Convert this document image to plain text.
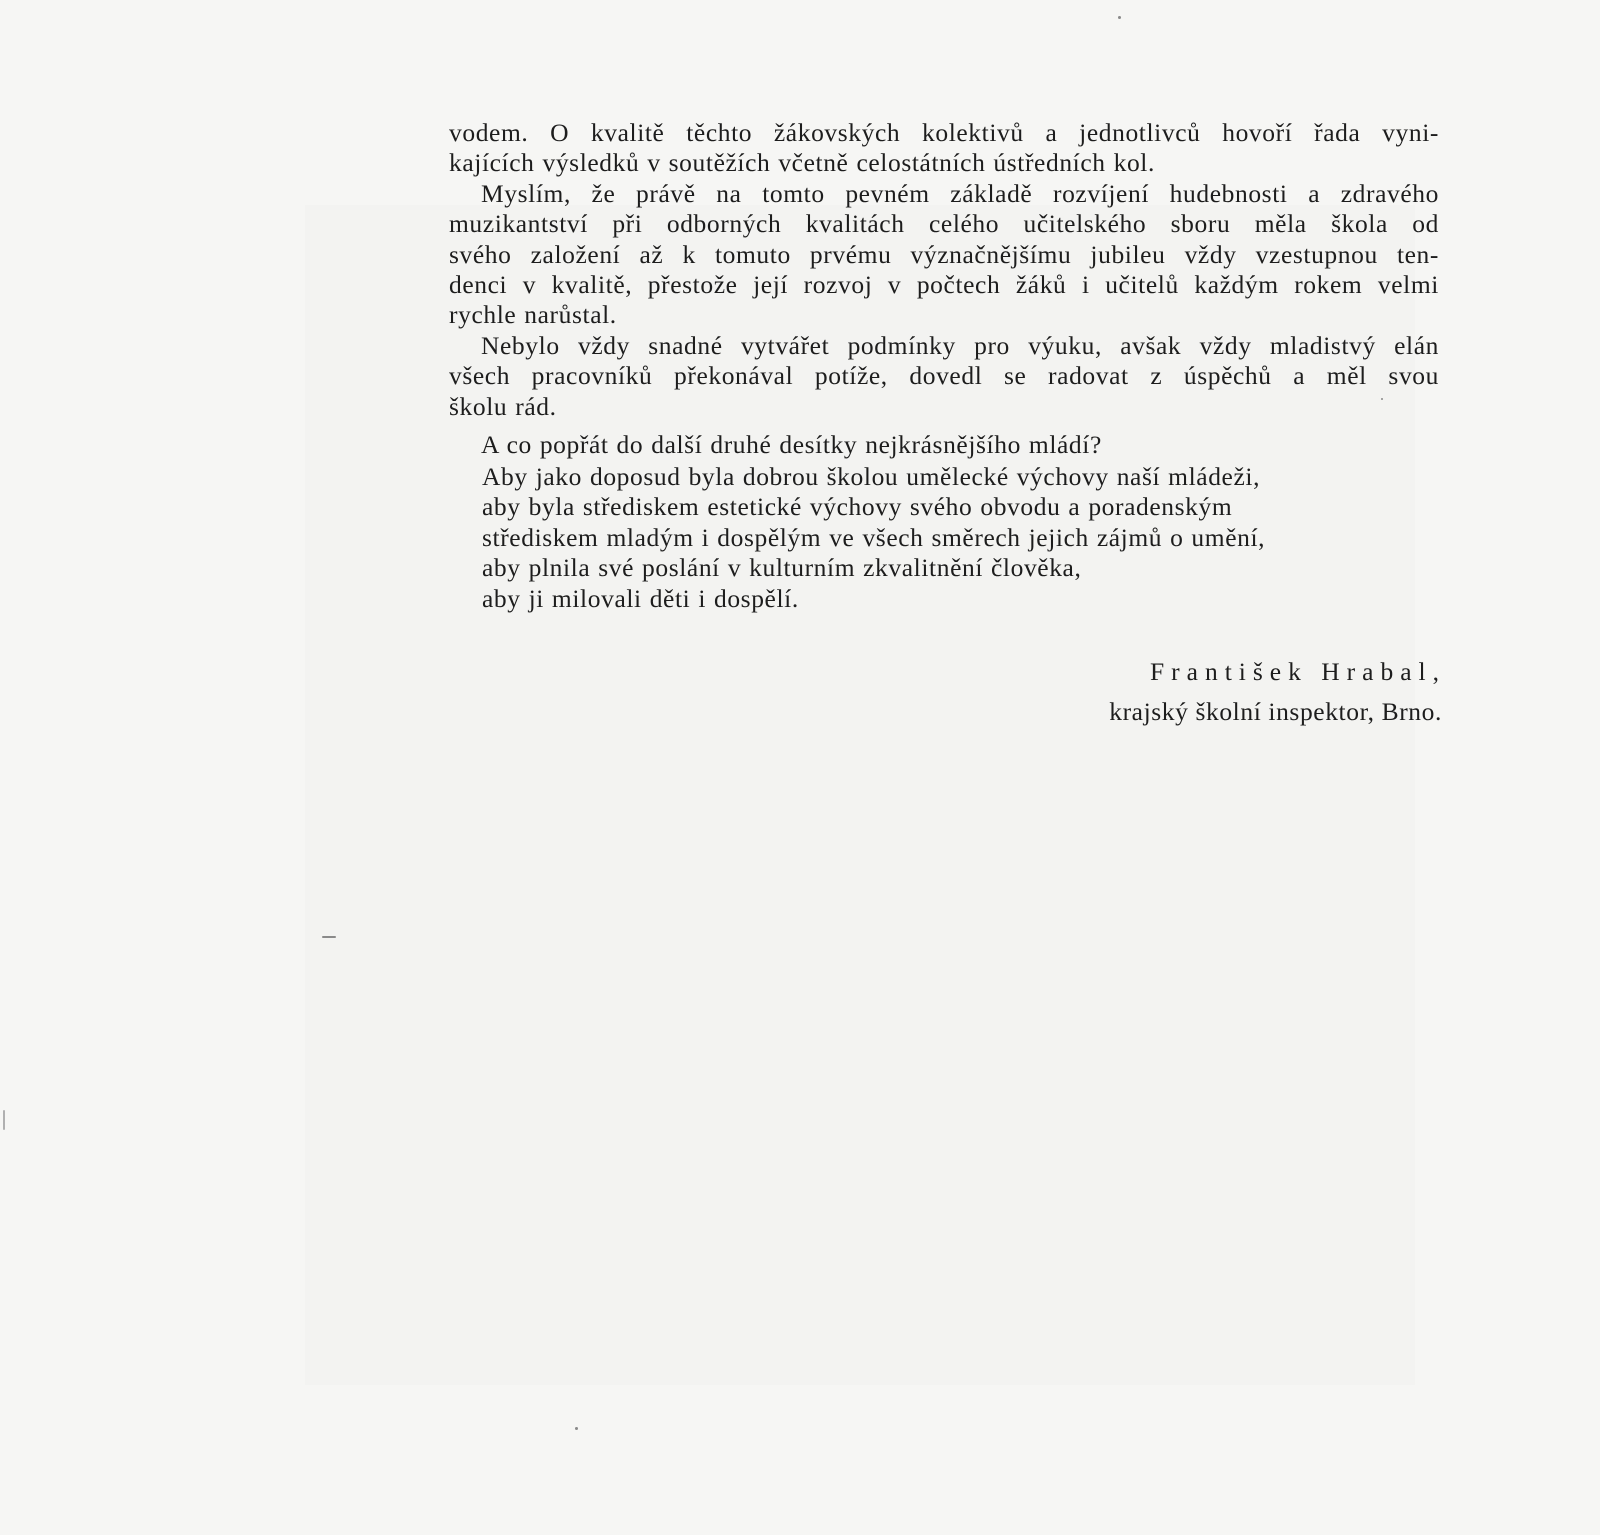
vodem. O kvalitě těchto žákovských kolektivů a jednotlivců hovoří řada vyni-
kajících výsledků v soutěžích včetně celostátních ústředních kol.
Myslím, že právě na tomto pevném základě rozvíjení hudebnosti a zdravého
muzikantství při odborných kvalitách celého učitelského sboru měla škola od
svého založení až k tomuto prvému význačnějšímu jubileu vždy vzestupnou ten-
denci v kvalitě, přestože její rozvoj v počtech žáků i učitelů každým rokem velmi
rychle narůstal.
Nebylo vždy snadné vytvářet podmínky pro výuku, avšak vždy mladistvý elán
všech pracovníků překonával potíže, dovedl se radovat z úspěchů a měl svou
školu rád.
A co popřát do další druhé desítky nejkrásnějšího mládí?
Aby jako doposud byla dobrou školou umělecké výchovy naší mládeži,
aby byla střediskem estetické výchovy svého obvodu a poradenským
střediskem mladým i dospělým ve všech směrech jejich zájmů o umění,
aby plnila své poslání v kulturním zkvalitnění člověka,
aby ji milovali děti i dospělí.
František Hrabal,
krajský školní inspektor, Brno.
